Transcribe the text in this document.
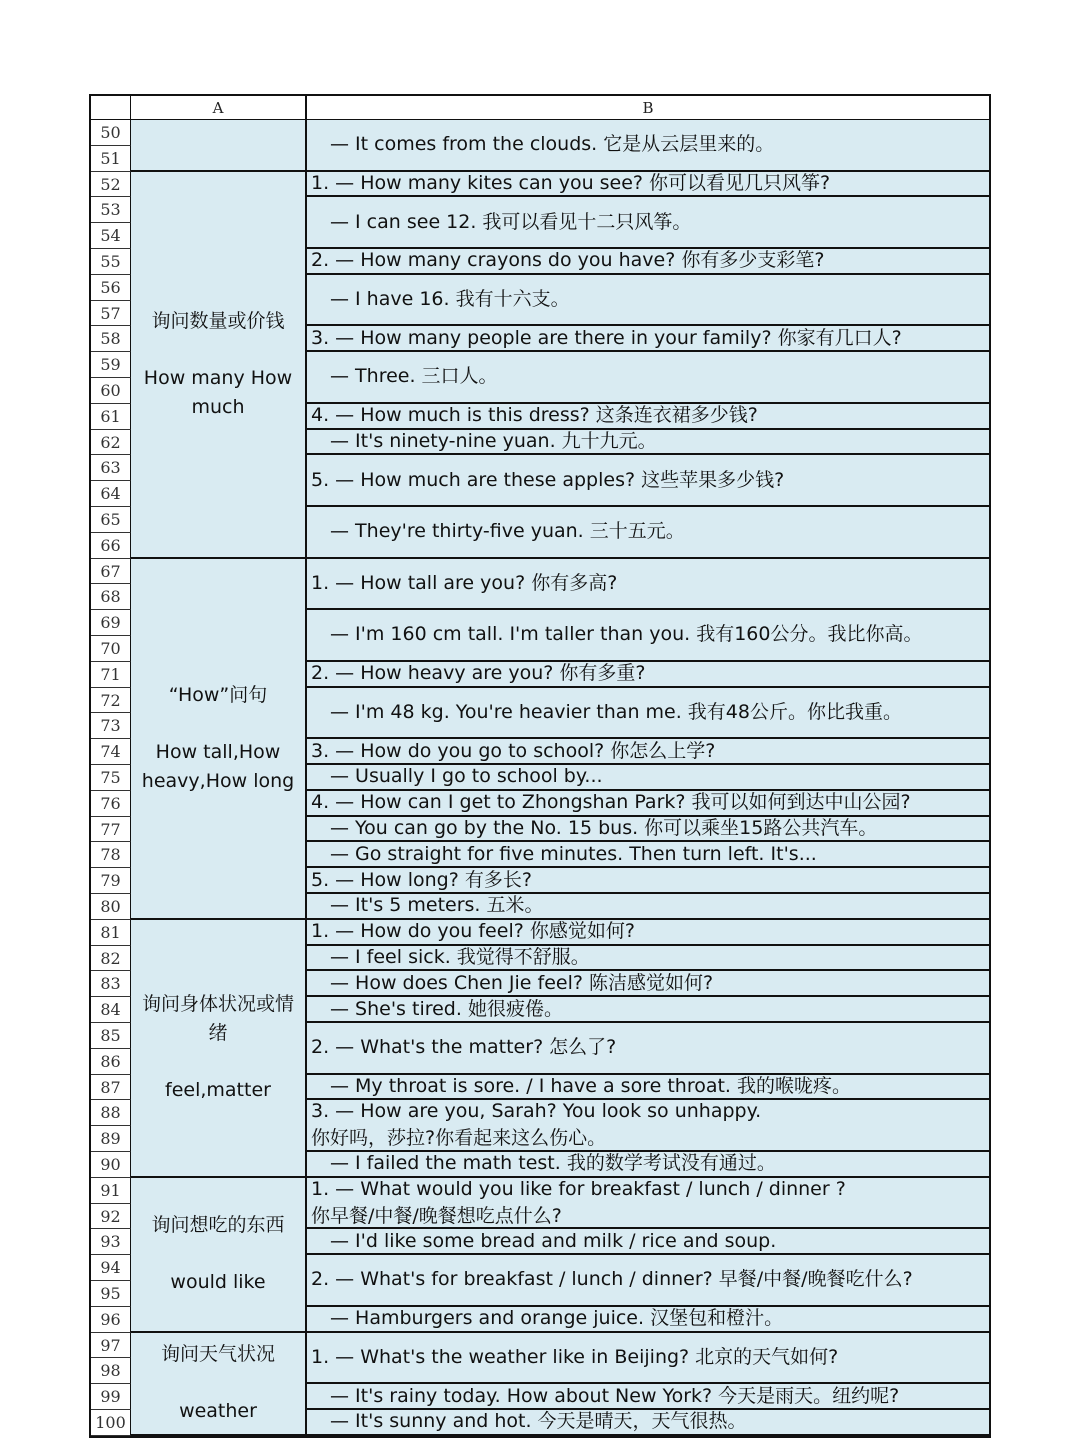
A	B
50
51
52
53
54
55
56
57
58
59
60
61
62
63
64
65
66
67
68
69
70
71
72
73
74
75
76
77
78
79
80
81
82
83
84
85
86
87
88
89
90
91
92
93
94
95
96
97
98
99
100
询问数量或价钱
How many How much
“How”问句
How tall,How heavy,How long
询问身体状况或情绪
feel,matter
询问想吃的东西
would like
询问天气状况
weather
　— It comes from the clouds. 它是从云层里来的。
1. — How many kites can you see? 你可以看见几只风筝?
　— I can see 12. 我可以看见十二只风筝。
2. — How many crayons do you have? 你有多少支彩笔?
　— I have 16. 我有十六支。
3. — How many people are there in your family? 你家有几口人?
　— Three. 三口人。
4. — How much is this dress? 这条连衣裙多少钱?
　— It's ninety-nine yuan. 九十九元。
5. — How much are these apples? 这些苹果多少钱?
　— They're thirty-five yuan. 三十五元。
1. — How tall are you? 你有多高?
　— I'm 160 cm tall. I'm taller than you. 我有160公分。我比你高。
2. — How heavy are you? 你有多重?
　— I'm 48 kg. You're heavier than me. 我有48公斤。你比我重。
3. — How do you go to school? 你怎么上学?
　— Usually I go to school by...
4. — How can I get to Zhongshan Park? 我可以如何到达中山公园?
　— You can go by the No. 15 bus. 你可以乘坐15路公共汽车。
　— Go straight for five minutes. Then turn left. It's...
5. — How long? 有多长?
　— It's 5 meters. 五米。
1. — How do you feel? 你感觉如何?
　— I feel sick. 我觉得不舒服。
　— How does Chen Jie feel? 陈洁感觉如何?
　— She's tired. 她很疲倦。
2. — What's the matter? 怎么了?
　— My throat is sore. / I have a sore throat. 我的喉咙疼。
3. — How are you, Sarah? You look so unhappy.
你好吗，莎拉?你看起来这么伤心。
　— I failed the math test. 我的数学考试没有通过。
1. — What would you like for breakfast / lunch / dinner ?
你早餐/中餐/晚餐想吃点什么?
　— I'd like some bread and milk / rice and soup.
2. — What's for breakfast / lunch / dinner? 早餐/中餐/晚餐吃什么?
　— Hamburgers and orange juice. 汉堡包和橙汁。
1. — What's the weather like in Beijing? 北京的天气如何?
　— It's rainy today. How about New York? 今天是雨天。纽约呢?
　— It's sunny and hot. 今天是晴天，天气很热。
